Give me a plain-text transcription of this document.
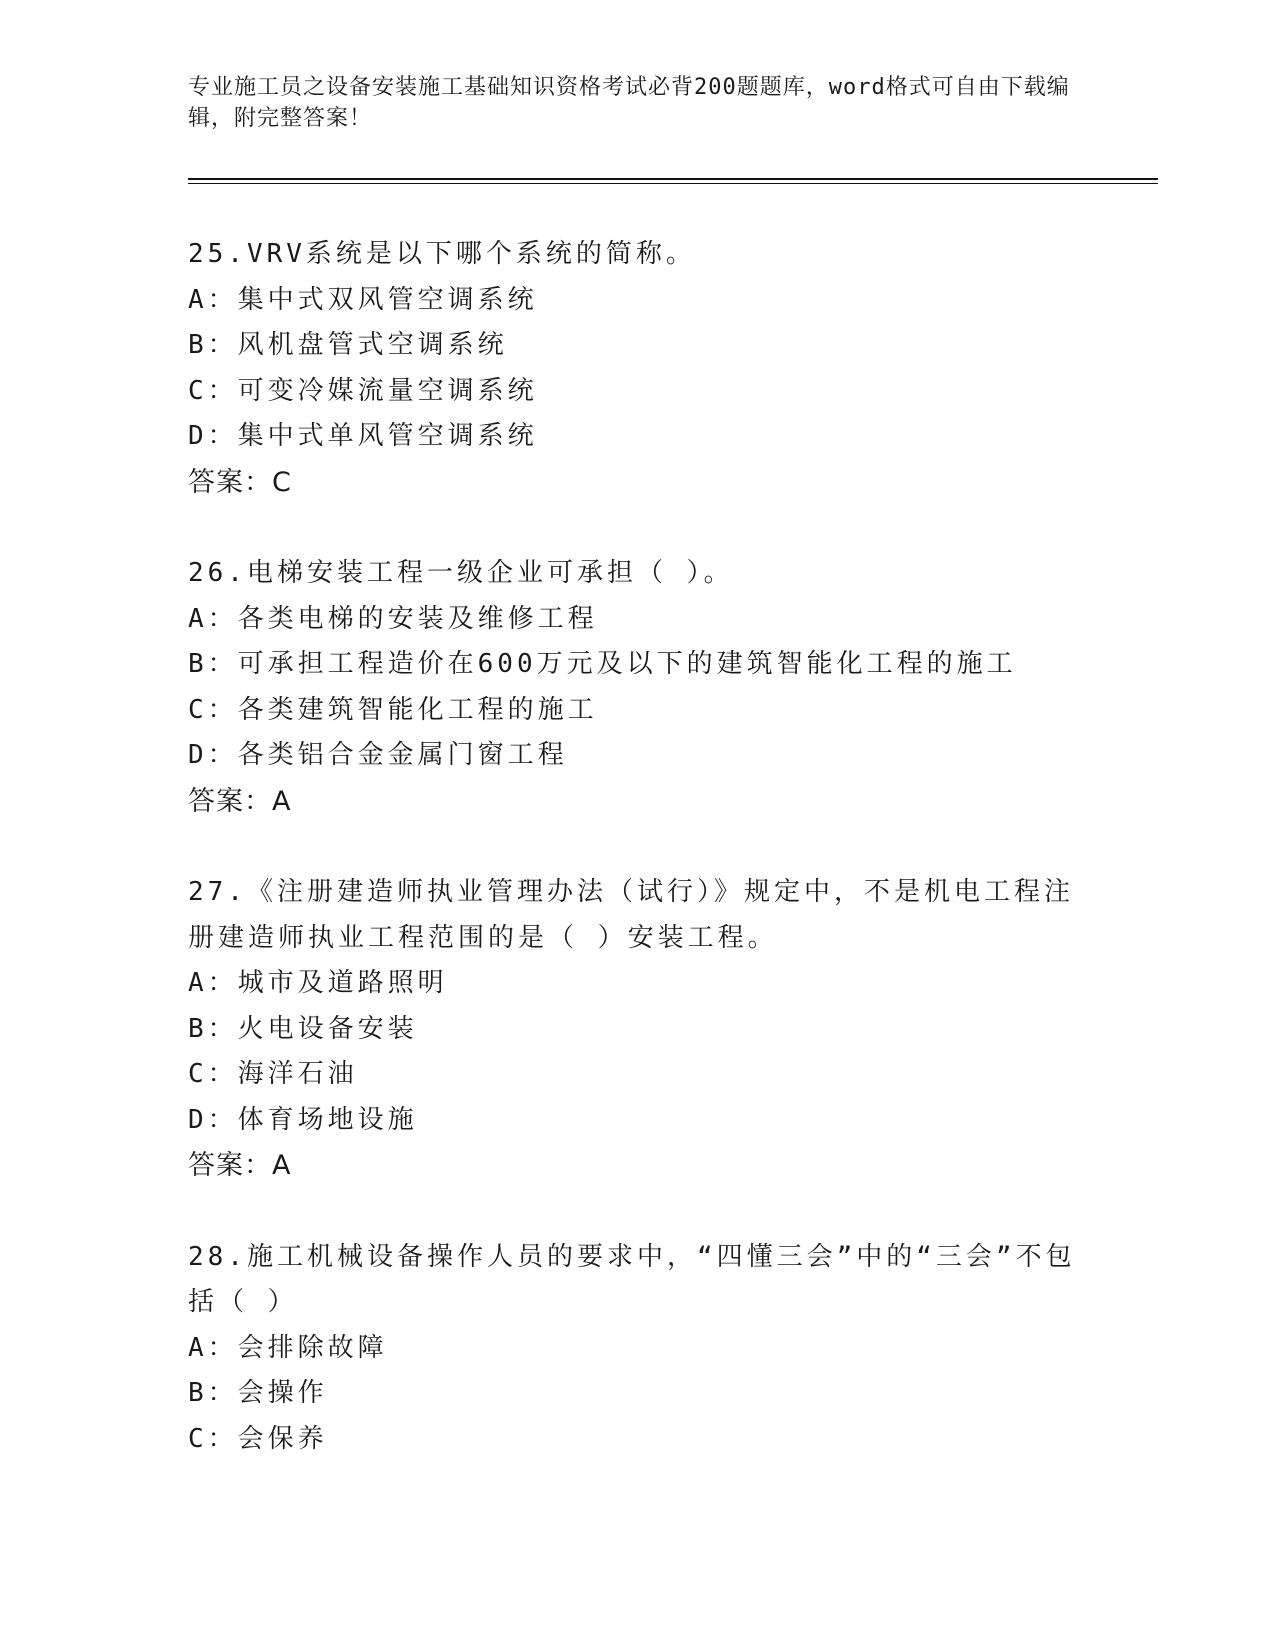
专业施工员之设备安装施工基础知识资格考试必背200题题库，word格式可自由下载编辑，附完整答案！
25.VRV系统是以下哪个系统的简称。
A：集中式双风管空调系统
B：风机盘管式空调系统
C：可变冷媒流量空调系统
D：集中式单风管空调系统
答案：C
26.电梯安装工程一级企业可承担（ ）。
A：各类电梯的安装及维修工程
B：可承担工程造价在600万元及以下的建筑智能化工程的施工
C：各类建筑智能化工程的施工
D：各类铝合金金属门窗工程
答案：A
27.《注册建造师执业管理办法（试行）》规定中，不是机电工程注册建造师执业工程范围的是（ ）安装工程。
A：城市及道路照明
B：火电设备安装
C：海洋石油
D：体育场地设施
答案：A
28.施工机械设备操作人员的要求中，“四懂三会”中的“三会”不包括（ ）
A：会排除故障
B：会操作
C：会保养
